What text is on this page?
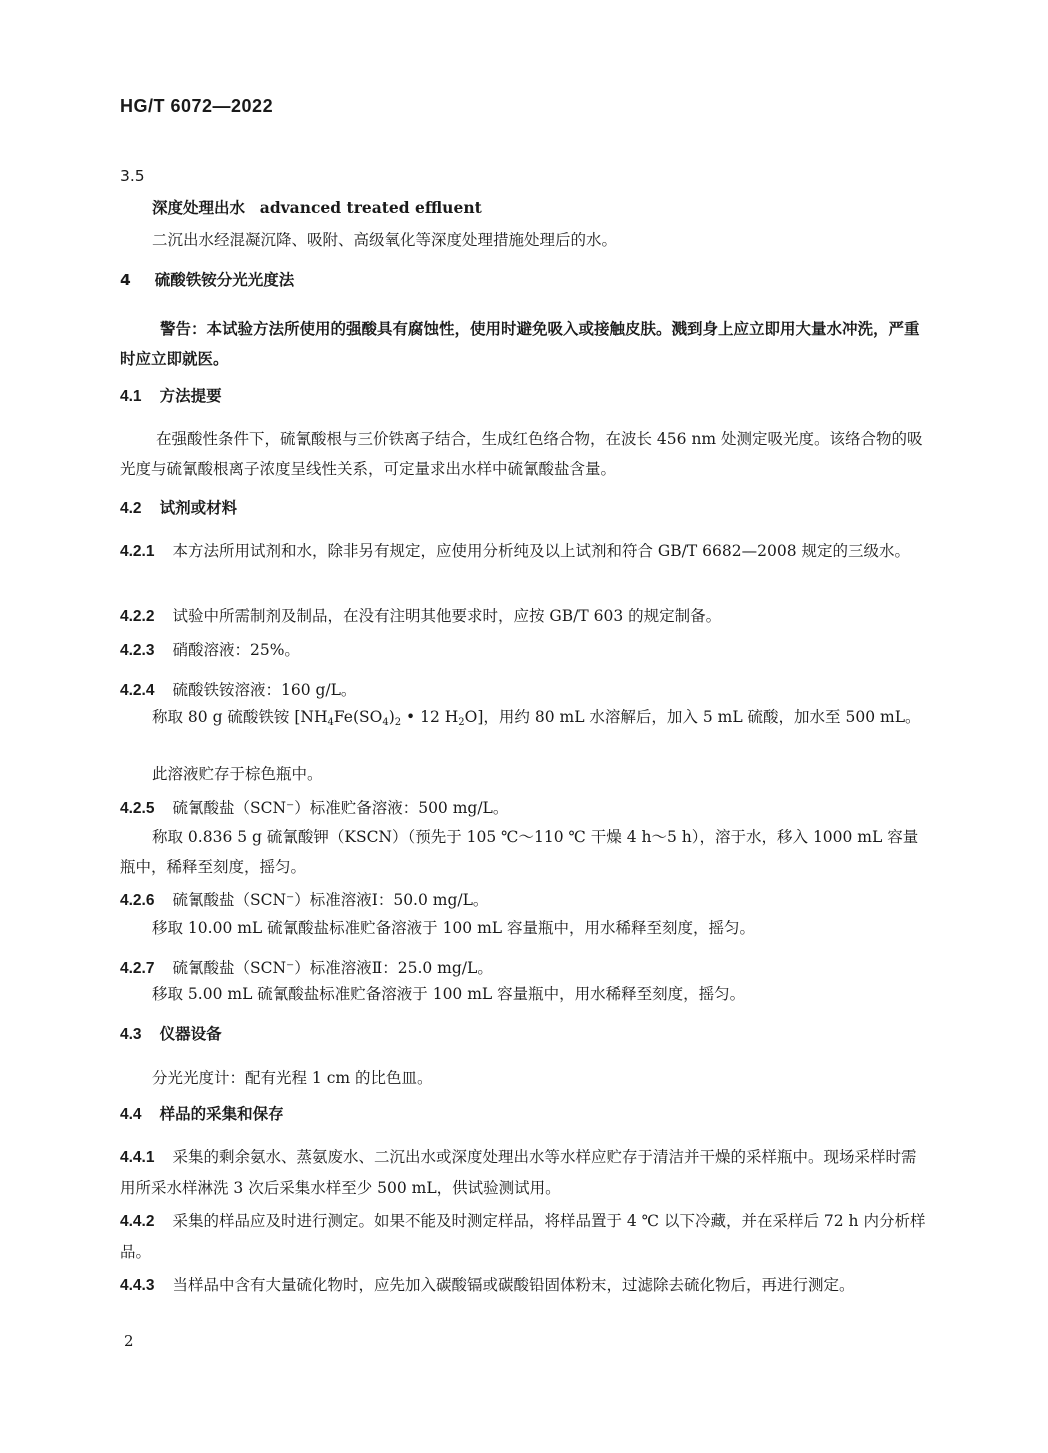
HG/T 6072—2022

3.5

深度处理出水 advanced treated effluent

二沉出水经混凝沉降、吸附、高级氧化等深度处理措施处理后的水。

4 硫酸铁铵分光光度法

警告：本试验方法所使用的强酸具有腐蚀性，使用时避免吸入或接触皮肤。溅到身上应立即用大量水冲洗，严重时应立即就医。

4.1 方法提要

在强酸性条件下，硫氰酸根与三价铁离子结合，生成红色络合物，在波长 456 nm 处测定吸光度。该络合物的吸光度与硫氰酸根离子浓度呈线性关系，可定量求出水样中硫氰酸盐含量。

4.2 试剂或材料

4.2.1 本方法所用试剂和水，除非另有规定，应使用分析纯及以上试剂和符合 GB/T 6682—2008 规定的三级水。

4.2.2 试验中所需制剂及制品，在没有注明其他要求时，应按 GB/T 603 的规定制备。

4.2.3 硝酸溶液：25%。

4.2.4 硫酸铁铵溶液：160 g/L。

称取 80 g 硫酸铁铵 [$NH_4Fe(SO_4)_2$ • 12 $H_2O$]，用约 80 mL 水溶解后，加入 5 mL 硫酸，加水至 500 mL。

此溶液贮存于棕色瓶中。

4.2.5 硫氰酸盐（SCN⁻）标准贮备溶液：500 mg/L。

称取 0.836 5 g 硫氰酸钾（KSCN）（预先于 105 ℃～110 ℃ 干燥 4 h～5 h），溶于水，移入 1000 mL 容量瓶中，稀释至刻度，摇匀。

4.2.6 硫氰酸盐（SCN⁻）标准溶液Ⅰ：50.0 mg/L。

移取 10.00 mL 硫氰酸盐标准贮备溶液于 100 mL 容量瓶中，用水稀释至刻度，摇匀。

4.2.7 硫氰酸盐（SCN⁻）标准溶液Ⅱ：25.0 mg/L。

移取 5.00 mL 硫氰酸盐标准贮备溶液于 100 mL 容量瓶中，用水稀释至刻度，摇匀。

4.3 仪器设备

分光光度计：配有光程 1 cm 的比色皿。

4.4 样品的采集和保存

4.4.1 采集的剩余氨水、蒸氨废水、二沉出水或深度处理出水等水样应贮存于清洁并干燥的采样瓶中。现场采样时需用所采水样淋洗 3 次后采集水样至少 500 mL，供试验测试用。

4.4.2 采集的样品应及时进行测定。如果不能及时测定样品，将样品置于 4 ℃ 以下冷藏，并在采样后 72 h 内分析样品。

4.4.3 当样品中含有大量硫化物时，应先加入碳酸镉或碳酸铅固体粉末，过滤除去硫化物后，再进行测定。

2
